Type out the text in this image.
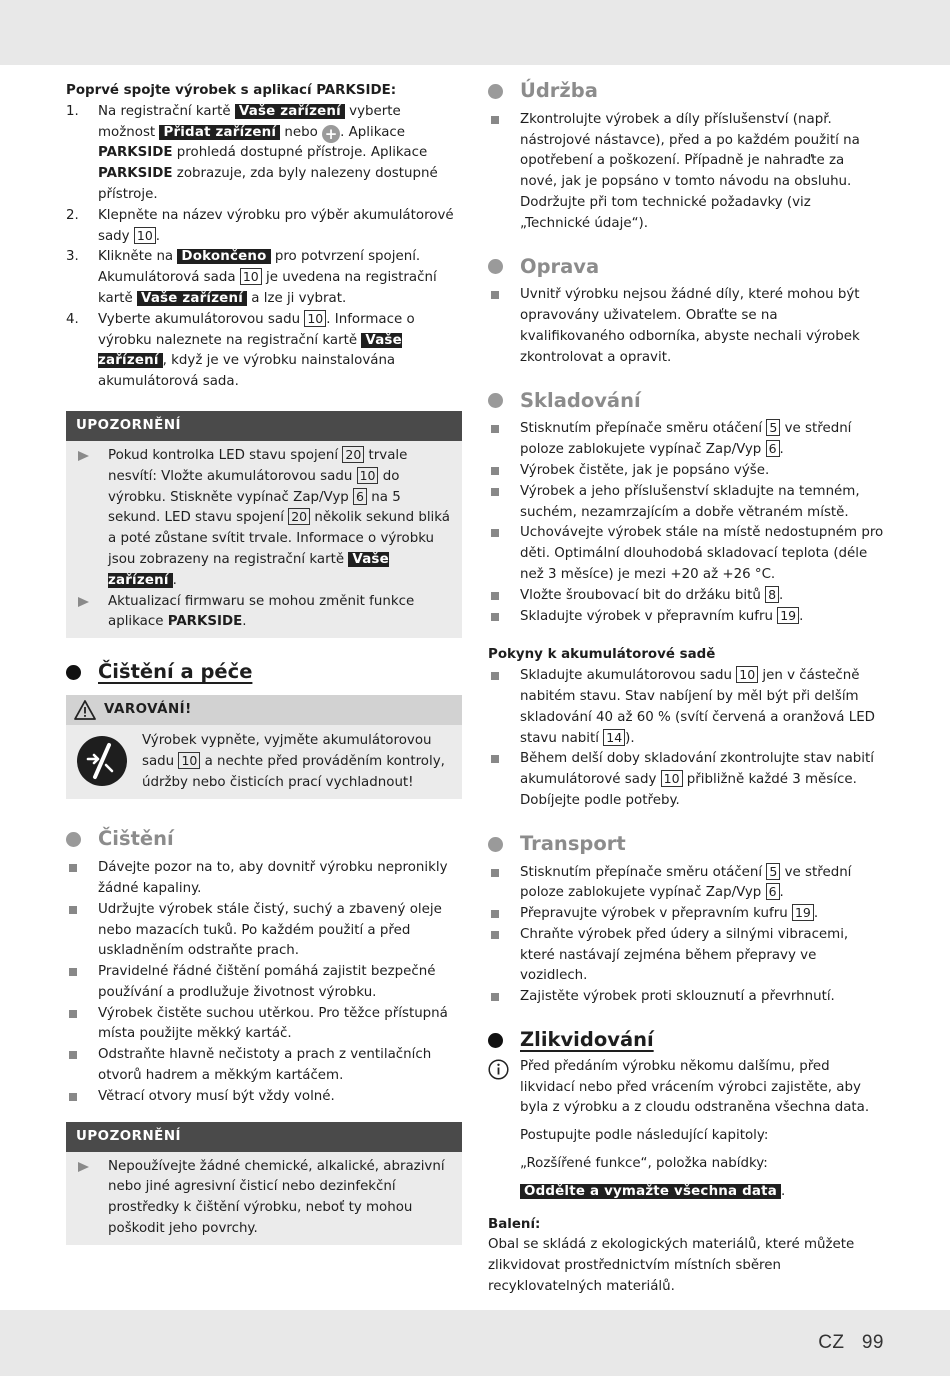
Poprvé spojte výrobek s aplikací PARKSIDE:
1.	Na registrační kartě Vaše zařízení vyberte možnost Přidat zařízení nebo + . Aplikace PARKSIDE prohledá dostupné přístroje. Aplikace PARKSIDE zobrazuje, zda byly nalezeny dostupné přístroje.
2.	Klepněte na název výrobku pro výběr akumulátorové sady 10 .
3.	Klikněte na Dokončeno pro potvrzení spojení. Akumulátorová sada 10 je uvedena na registrační kartě Vaše zařízení a lze ji vybrat.
4.	Vyberte akumulátorovou sadu 10 . Informace o výrobku naleznete na registrační kartě Vaše zařízení , když je ve výrobku nainstalována akumulátorová sada.
UPOZORNĚNÍ
Pokud kontrolka LED stavu spojení 20 trvale nesvítí: Vložte akumulátorovou sadu 10 do výrobku. Stiskněte vypínač Zap/Vyp 6 na 5 sekund. LED stavu spojení 20 několik sekund bliká a poté zůstane svítit trvale. Informace o výrobku jsou zobrazeny na registrační kartě Vaše zařízení .
Aktualizací firmwaru se mohou změnit funkce aplikace PARKSIDE.
Čištění a péče
VAROVÁNÍ!
Výrobek vypněte, vyjměte akumulátorovou sadu 10 a nechte před prováděním kontroly, údržby nebo čisticích prací vychladnout!
Čištění
Dávejte pozor na to, aby dovnitř výrobku nepronikly žádné kapaliny.
Udržujte výrobek stále čistý, suchý a zbavený oleje nebo mazacích tuků. Po každém použití a před uskladněním odstraňte prach.
Pravidelné řádné čištění pomáhá zajistit bezpečné používání a prodlužuje životnost výrobku.
Výrobek čistěte suchou utěrkou. Pro těžce přístupná místa použijte měkký kartáč.
Odstraňte hlavně nečistoty a prach z ventilačních otvorů hadrem a měkkým kartáčem.
Větrací otvory musí být vždy volné.
UPOZORNĚNÍ
Nepoužívejte žádné chemické, alkalické, abrazivní nebo jiné agresivní čisticí nebo dezinfekční prostředky k čištění výrobku, neboť ty mohou poškodit jeho povrchy.
Údržba
Zkontrolujte výrobek a díly příslušenství (např. nástrojové nástavce), před a po každém použití na opotřebení a poškození. Případně je nahraďte za nové, jak je popsáno v tomto návodu na obsluhu. Dodržujte při tom technické požadavky (viz „Technické údaje“).
Oprava
Uvnitř výrobku nejsou žádné díly, které mohou být opravovány uživatelem. Obraťte se na kvalifikovaného odborníka, abyste nechali výrobek zkontrolovat a opravit.
Skladování
Stisknutím přepínače směru otáčení 5 ve střední poloze zablokujete vypínač Zap/Vyp 6 .
Výrobek čistěte, jak je popsáno výše.
Výrobek a jeho příslušenství skladujte na temném, suchém, nezamrzajícím a dobře větraném místě.
Uchovávejte výrobek stále na místě nedostupném pro děti. Optimální dlouhodobá skladovací teplota (déle než 3 měsíce) je mezi +20 až +26 °C.
Vložte šroubovací bit do držáku bitů 8 .
Skladujte výrobek v přepravním kufru 19 .
Pokyny k akumulátorové sadě
Skladujte akumulátorovou sadu 10 jen v částečně nabitém stavu. Stav nabíjení by měl být při delším skladování 40 až 60 % (svítí červená a oranžová LED stavu nabití 14 ).
Během delší doby skladování zkontrolujte stav nabití akumulátorové sady 10 přibližně každé 3 měsíce. Dobíjejte podle potřeby.
Transport
Stisknutím přepínače směru otáčení 5 ve střední poloze zablokujete vypínač Zap/Vyp 6 .
Přepravujte výrobek v přepravním kufru 19 .
Chraňte výrobek před údery a silnými vibracemi, které nastávají zejména během přepravy ve vozidlech.
Zajistěte výrobek proti sklouznutí a převrhnutí.
Zlikvidování
Před předáním výrobku někomu dalšímu, před likvidací nebo před vrácením výrobci zajistěte, aby byla z výrobku a z cloudu odstraněna všechna data.
Postupujte podle následující kapitoly:
„Rozšířené funkce“, položka nabídky:
Oddělte a vymažte všechna data .
Balení:
Obal se skládá z ekologických materiálů, které můžete zlikvidovat prostřednictvím místních sběren recyklovatelných materiálů.
CZ 99
